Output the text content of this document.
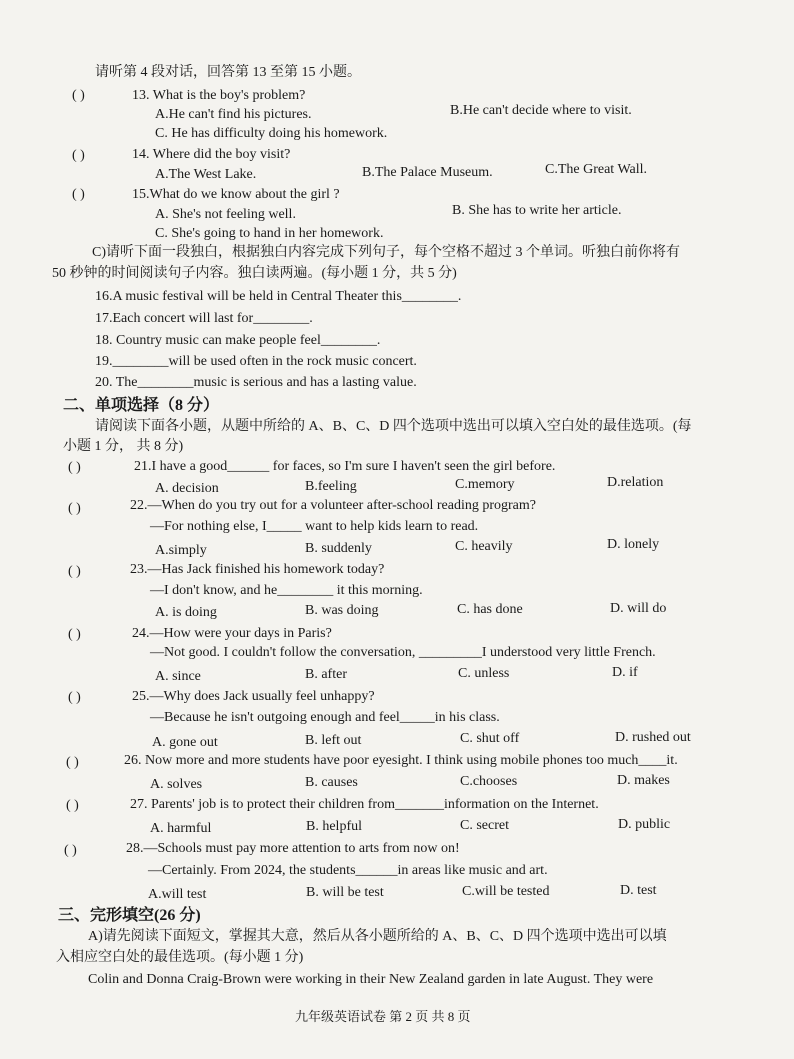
请听第 4 段对话，回答第 13 至第 15 小题。
( )	13. What is the boy's problem?
A.He can't find his pictures.	B.He can't decide where to visit.
C. He has difficulty doing his homework.
( )	14. Where did the boy visit?
A.The West Lake.	B.The Palace Museum.	C.The Great Wall.
( )	15.What do we know about the girl ?
A. She's not feeling well.	B. She has to write her article.
C. She's going to hand in her homework.
C)请听下面一段独白，根据独白内容完成下列句子，每个空格不超过 3 个单词。听独白前你将有
50 秒钟的时间阅读句子内容。独白读两遍。(每小题 1 分，共 5 分)
16.A music festival will be held in Central Theater this________.
17.Each concert will last for________.
18. Country music can make people feel________.
19.________will be used often in the rock music concert.
20. The________music is serious and has a lasting value.
二、单项选择（8 分）
请阅读下面各小题，从题中所给的 A、B、C、D 四个选项中选出可以填入空白处的最佳选项。(每
小题 1 分， 共 8 分)
( )	21.I have a good______ for faces, so I'm sure I haven't seen the girl before.
A. decision	B.feeling	C.memory	D.relation
( )	22.—When do you try out for a volunteer after-school reading program?
—For nothing else, I_____ want to help kids learn to read.
A.simply	B. suddenly	C. heavily	D. lonely
( )	23.—Has Jack finished his homework today?
—I don't know, and he________ it this morning.
A. is doing	B. was doing	C. has done	D. will do
( )	24.—How were your days in Paris?
—Not good. I couldn't follow the conversation, _________I understood very little French.
A. since	B. after	C. unless	D. if
( )	25.—Why does Jack usually feel unhappy?
—Because he isn't outgoing enough and feel_____in his class.
A. gone out	B. left out	C. shut off	D. rushed out
( )	26. Now more and more students have poor eyesight. I think using mobile phones too much____it.
A. solves	B. causes	C.chooses	D. makes
( )	27. Parents' job is to protect their children from_______information on the Internet.
A. harmful	B. helpful	C. secret	D. public
( )	28.—Schools must pay more attention to arts from now on!
—Certainly. From 2024, the students______in areas like music and art.
A.will test	B. will be test	C.will be tested	D. test
三、完形填空(26 分)
A)请先阅读下面短文，掌握其大意，然后从各小题所给的 A、B、C、D 四个选项中选出可以填
入相应空白处的最佳选项。(每小题 1 分)
Colin and Donna Craig-Brown were working in their New Zealand garden in late August. They were
九年级英语试卷 第 2 页 共 8 页
